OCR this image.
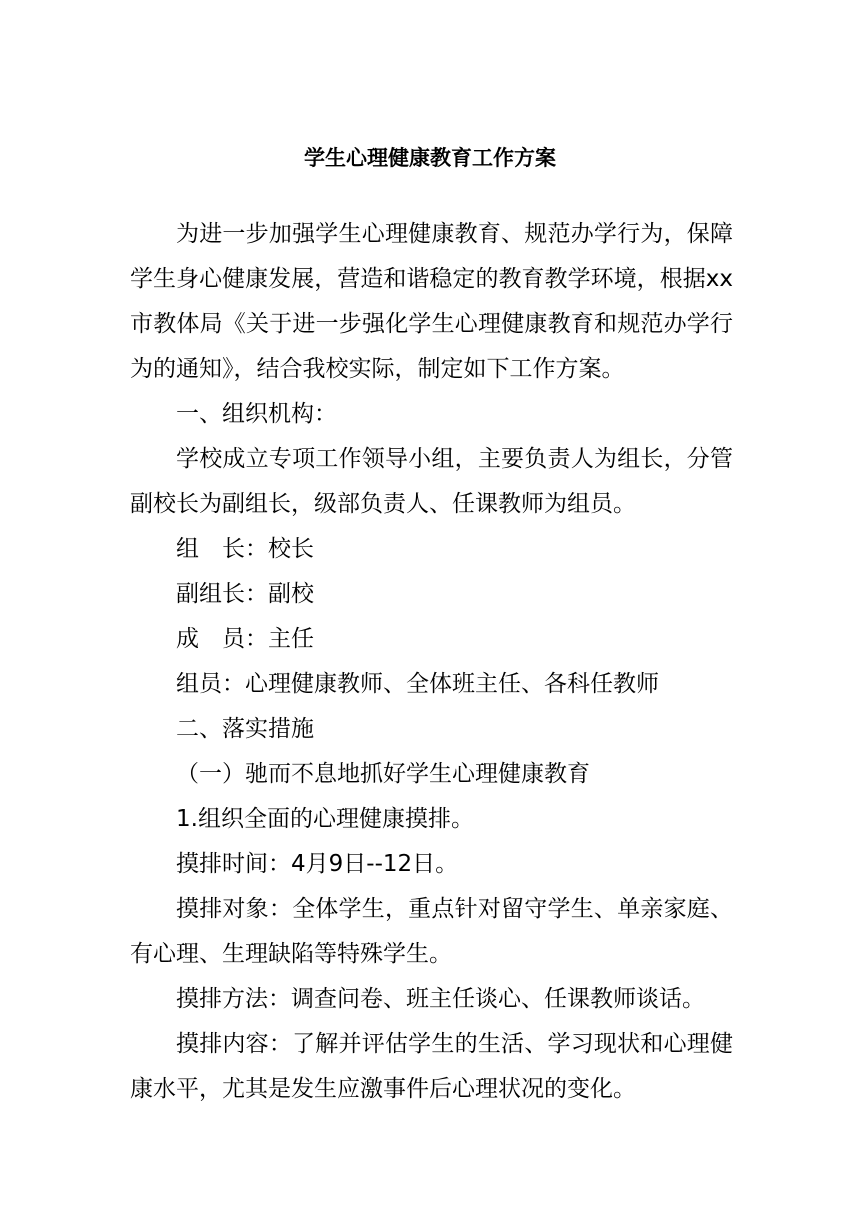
学生心理健康教育工作方案

为进一步加强学生心理健康教育、规范办学行为，保障学生身心健康发展，营造和谐稳定的教育教学环境，根据xx市教体局《关于进一步强化学生心理健康教育和规范办学行为的通知》，结合我校实际，制定如下工作方案。

一、组织机构：

学校成立专项工作领导小组，主要负责人为组长，分管副校长为副组长，级部负责人、任课教师为组员。

组　长：校长

副组长：副校

成　员：主任

组员：心理健康教师、全体班主任、各科任教师

二、落实措施

（一）驰而不息地抓好学生心理健康教育

1.组织全面的心理健康摸排。

摸排时间：4月9日--12日。

摸排对象：全体学生，重点针对留守学生、单亲家庭、有心理、生理缺陷等特殊学生。

摸排方法：调查问卷、班主任谈心、任课教师谈话。

摸排内容：了解并评估学生的生活、学习现状和心理健康水平，尤其是发生应激事件后心理状况的变化。
